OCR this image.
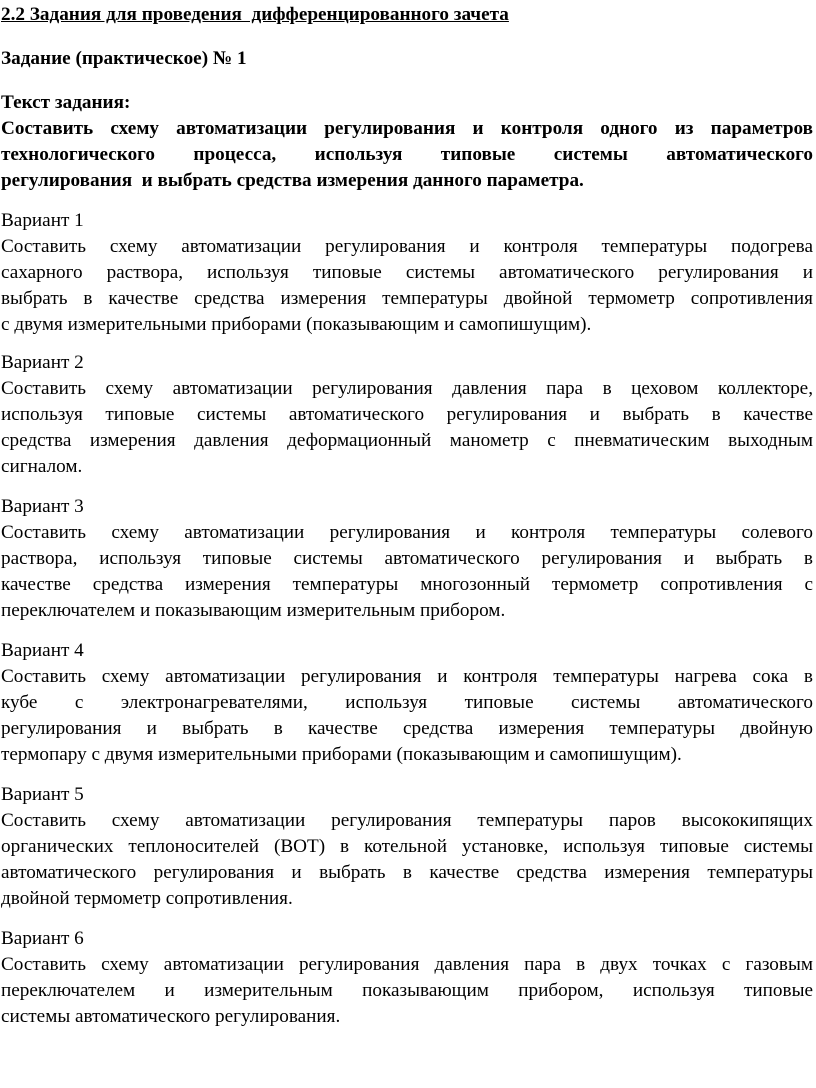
2.2 Задания для проведения  дифференцированного зачета
Задание (практическое) № 1
Текст задания:
Составить схему автоматизации регулирования и контроля одного из параметров
технологического процесса, используя типовые системы автоматического
регулирования  и выбрать средства измерения данного параметра.
Вариант 1
Составить схему автоматизации регулирования и контроля температуры подогрева
сахарного раствора, используя типовые системы автоматического регулирования и
выбрать в качестве средства измерения температуры двойной термометр сопротивления
с двумя измерительными приборами (показывающим и самопишущим).
Вариант 2
Составить схему автоматизации регулирования давления пара в цеховом коллекторе,
используя типовые системы автоматического регулирования и выбрать в качестве
средства измерения давления деформационный манометр с пневматическим выходным
сигналом.
Вариант 3
Составить схему автоматизации регулирования и контроля температуры солевого
раствора, используя типовые системы автоматического регулирования и выбрать в
качестве средства измерения температуры многозонный термометр сопротивления с
переключателем и показывающим измерительным прибором.
Вариант 4
Составить схему автоматизации регулирования и контроля температуры нагрева сока в
кубе с электронагревателями, используя типовые системы автоматического
регулирования и выбрать в качестве средства измерения температуры двойную
термопару с двумя измерительными приборами (показывающим и самопишущим).
Вариант 5
Составить схему автоматизации регулирования температуры паров высококипящих
органических теплоносителей (ВОТ) в котельной установке, используя типовые системы
автоматического регулирования и выбрать в качестве средства измерения температуры
двойной термометр сопротивления.
Вариант 6
Составить схему автоматизации регулирования давления пара в двух точках с газовым
переключателем и измерительным показывающим прибором, используя типовые
системы автоматического регулирования.
